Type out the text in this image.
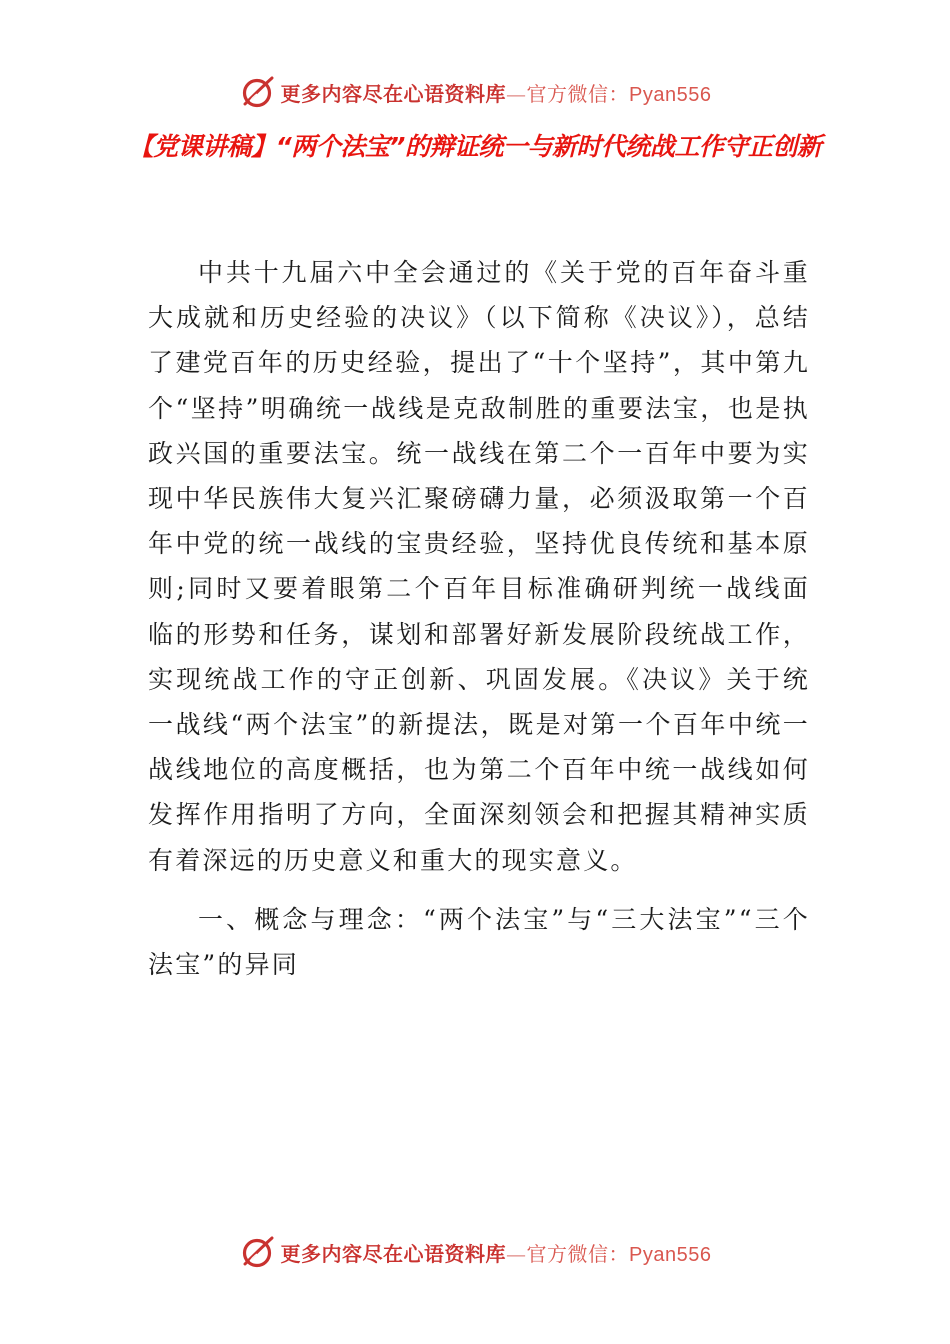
更多内容尽在心语资料库—官方微信：Pyan556
【党课讲稿】“两个法宝”的辩证统一与新时代统战工作守正创新

中共十九届六中全会通过的《关于党的百年奋斗重大成就和历史经验的决议》（以下简称《决议》），总结了建党百年的历史经验，提出了“十个坚持”，其中第九个“坚持”明确统一战线是克敌制胜的重要法宝，也是执政兴国的重要法宝。统一战线在第二个一百年中要为实现中华民族伟大复兴汇聚磅礴力量，必须汲取第一个百年中党的统一战线的宝贵经验，坚持优良传统和基本原则;同时又要着眼第二个百年目标准确研判统一战线面临的形势和任务，谋划和部署好新发展阶段统战工作，实现统战工作的守正创新、巩固发展。《决议》关于统一战线“两个法宝”的新提法，既是对第一个百年中统一战线地位的高度概括，也为第二个百年中统一战线如何发挥作用指明了方向，全面深刻领会和把握其精神实质有着深远的历史意义和重大的现实意义。

一、概念与理念：“两个法宝”与“三大法宝”“三个法宝”的异同

更多内容尽在心语资料库—官方微信：Pyan556
